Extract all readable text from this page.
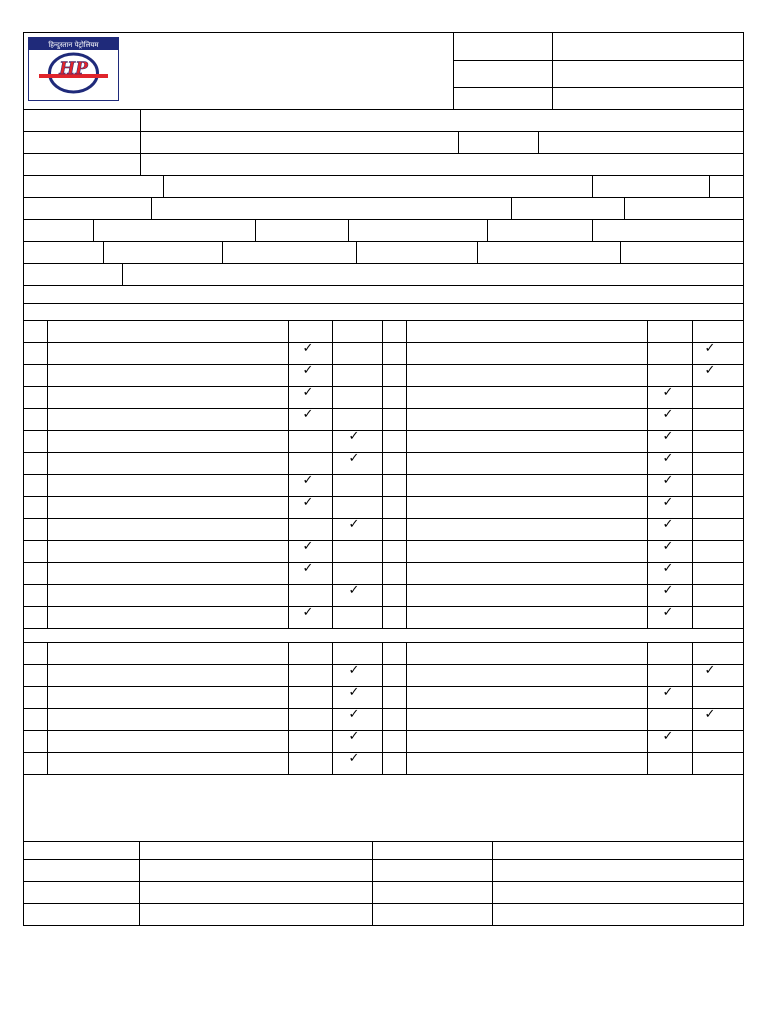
हिन्दुस्तान पेट्रोलियम
HP
✓
✓
✓
✓
✓
✓
✓
✓
✓
✓
✓
✓
✓
✓
✓
✓
✓
✓
✓
✓
✓
✓
✓
✓
✓
✓
✓
✓
✓
✓
✓
✓
✓
✓
✓
